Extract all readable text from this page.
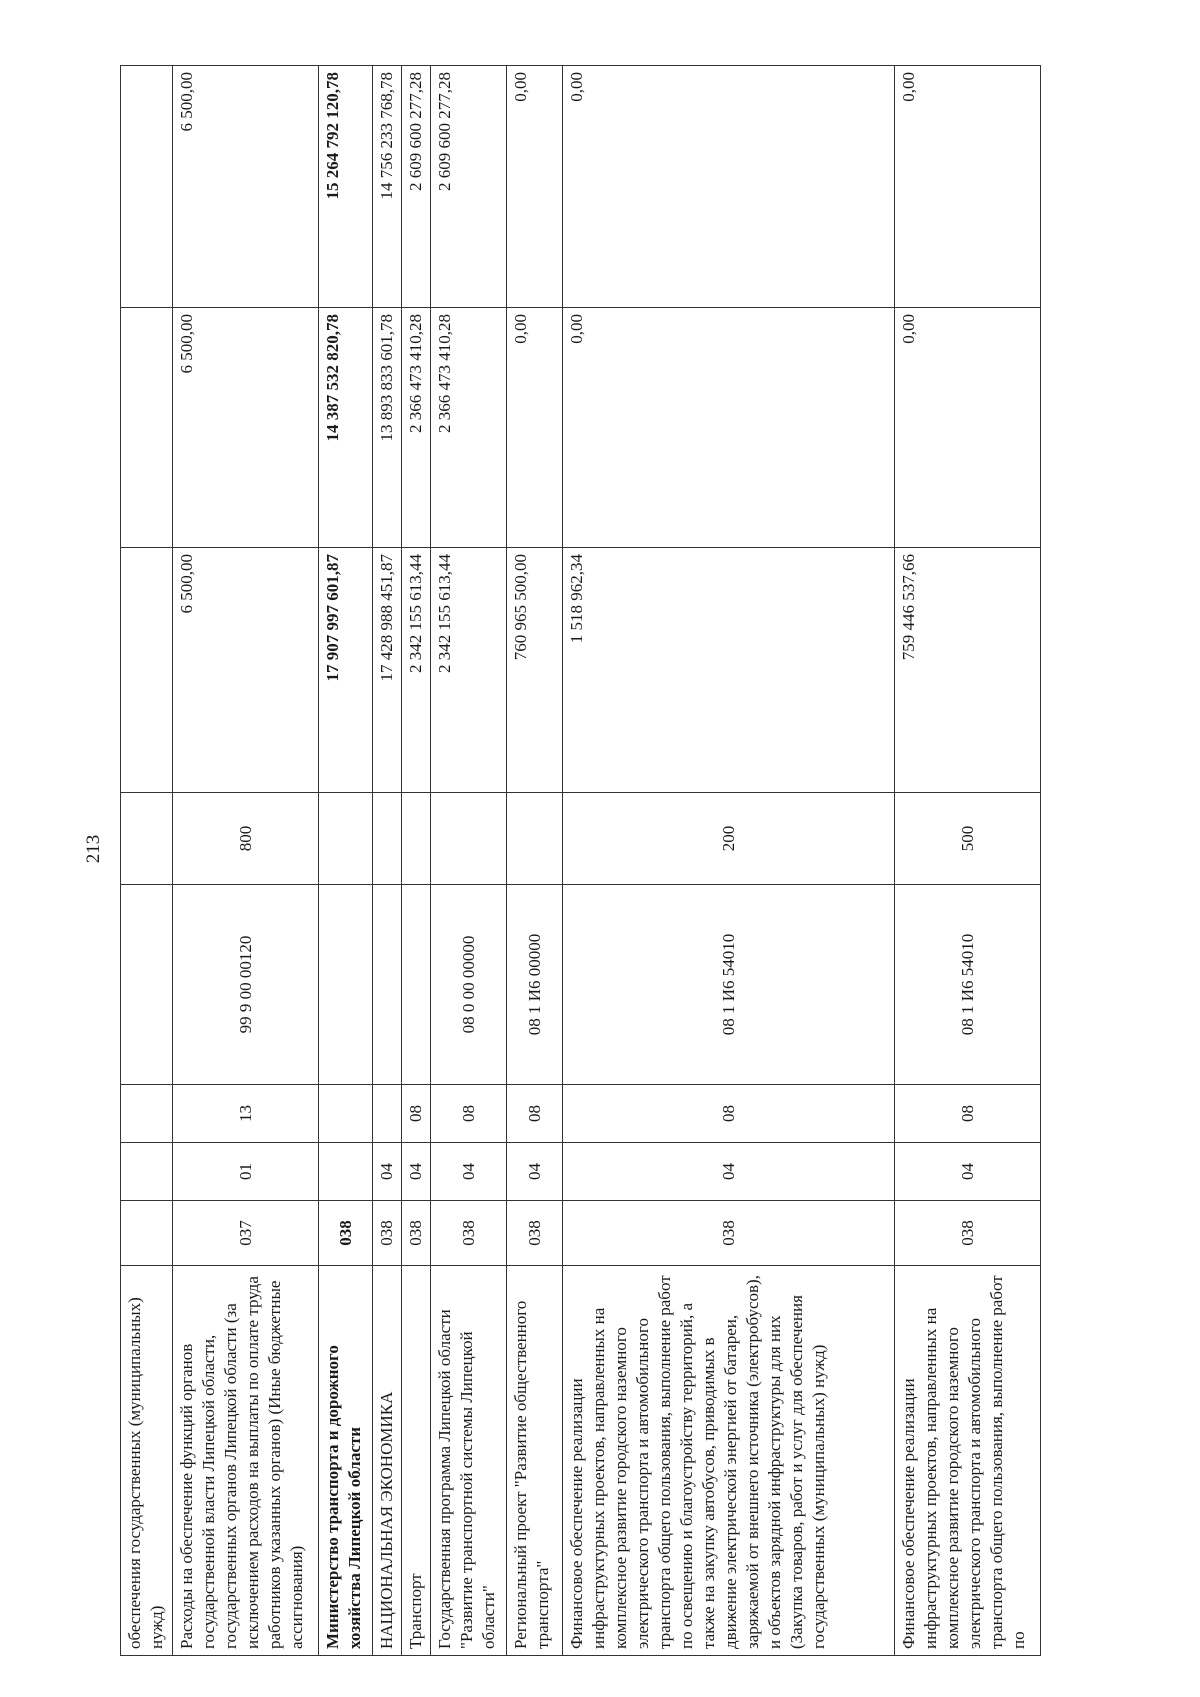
213
обеспечения государственных (муниципальных) нужд)								
Расходы на обеспечение функций органов государственной власти Липецкой области, государственных органов Липецкой области (за исключением расходов на выплаты по оплате труда работников указанных органов) (Иные бюджетные ассигнования)	037	01	13	99 9 00 00120	800	6 500,00	6 500,00	6 500,00
Министерство транспорта и дорожного хозяйства Липецкой области	038					17 907 997 601,87	14 387 532 820,78	15 264 792 120,78
НАЦИОНАЛЬНАЯ ЭКОНОМИКА	038	04				17 428 988 451,87	13 893 833 601,78	14 756 233 768,78
Транспорт	038	04	08			2 342 155 613,44	2 366 473 410,28	2 609 600 277,28
Государственная программа Липецкой области "Развитие транспортной системы Липецкой области"	038	04	08	08 0 00 00000		2 342 155 613,44	2 366 473 410,28	2 609 600 277,28
Региональный проект "Развитие общественного транспорта"	038	04	08	08 1 И6 00000		760 965 500,00	0,00	0,00
Финансовое обеспечение реализации инфраструктурных проектов, направленных на комплексное развитие городского наземного электрического транспорта и автомобильного транспорта общего пользования, выполнение работ по освещению и благоустройству территорий, а также на закупку автобусов, приводимых в движение электрической энергией от батареи, заряжаемой от внешнего источника (электробусов), и объектов зарядной инфраструктуры для них (Закупка товаров, работ и услуг для обеспечения государственных (муниципальных) нужд)	038	04	08	08 1 И6 54010	200	1 518 962,34	0,00	0,00
Финансовое обеспечение реализации инфраструктурных проектов, направленных на комплексное развитие городского наземного электрического транспорта и автомобильного транспорта общего пользования, выполнение работ по	038	04	08	08 1 И6 54010	500	759 446 537,66	0,00	0,00
